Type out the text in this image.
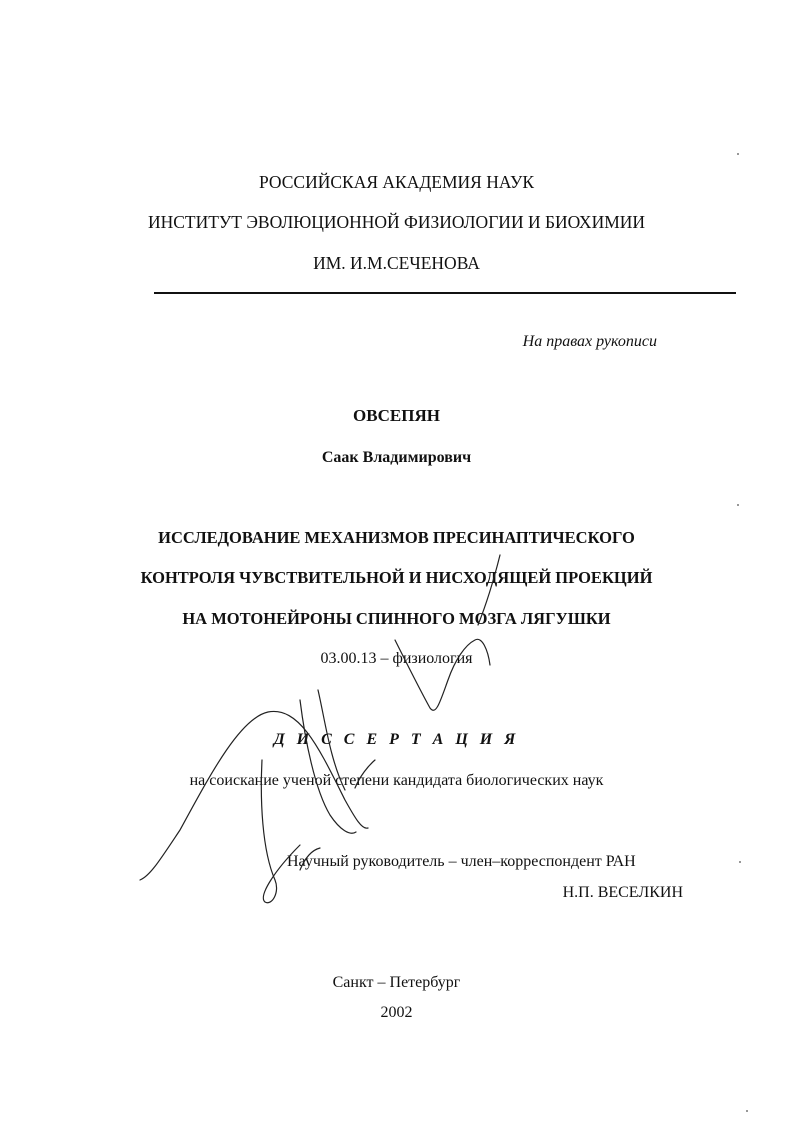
РОССИЙСКАЯ АКАДЕМИЯ НАУК
ИНСТИТУТ ЭВОЛЮЦИОННОЙ ФИЗИОЛОГИИ И БИОХИМИИ
ИМ. И.М.СЕЧЕНОВА
На правах рукописи
ОВСЕПЯН
Саак Владимирович
ИССЛЕДОВАНИЕ МЕХАНИЗМОВ ПРЕСИНАПТИЧЕСКОГО
КОНТРОЛЯ ЧУВСТВИТЕЛЬНОЙ И НИСХОДЯЩЕЙ ПРОЕКЦИЙ
НА МОТОНЕЙРОНЫ СПИННОГО МОЗГА ЛЯГУШКИ
03.00.13 – физиология
Д И С С Е Р Т А Ц И Я
на соискание ученой степени кандидата биологических наук
Научный руководитель – член–корреспондент РАН
Н.П. ВЕСЕЛКИН
Санкт – Петербург
2002
